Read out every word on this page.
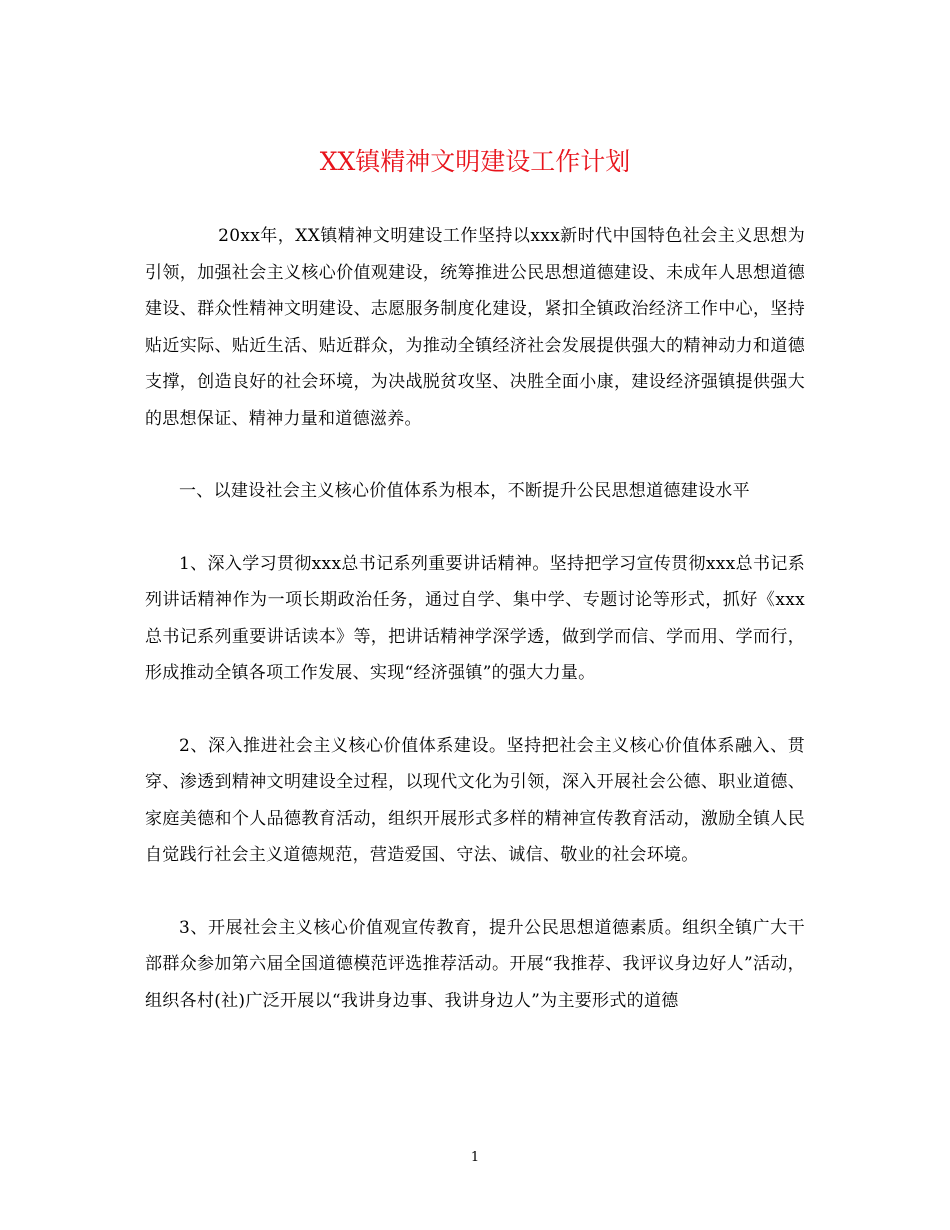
XX镇精神文明建设工作计划

20xx年，XX镇精神文明建设工作坚持以xxx新时代中国特色社会主义思想为引领，加强社会主义核心价值观建设，统筹推进公民思想道德建设、未成年人思想道德建设、群众性精神文明建设、志愿服务制度化建设，紧扣全镇政治经济工作中心，坚持贴近实际、贴近生活、贴近群众，为推动全镇经济社会发展提供强大的精神动力和道德支撑，创造良好的社会环境，为决战脱贫攻坚、决胜全面小康，建设经济强镇提供强大的思想保证、精神力量和道德滋养。

一、以建设社会主义核心价值体系为根本，不断提升公民思想道德建设水平

1、深入学习贯彻xxx总书记系列重要讲话精神。坚持把学习宣传贯彻xxx总书记系列讲话精神作为一项长期政治任务，通过自学、集中学、专题讨论等形式，抓好《xxx总书记系列重要讲话读本》等，把讲话精神学深学透，做到学而信、学而用、学而行，形成推动全镇各项工作发展、实现“经济强镇”的强大力量。

2、深入推进社会主义核心价值体系建设。坚持把社会主义核心价值体系融入、贯穿、渗透到精神文明建设全过程，以现代文化为引领，深入开展社会公德、职业道德、家庭美德和个人品德教育活动，组织开展形式多样的精神宣传教育活动，激励全镇人民自觉践行社会主义道德规范，营造爱国、守法、诚信、敬业的社会环境。

3、开展社会主义核心价值观宣传教育，提升公民思想道德素质。组织全镇广大干部群众参加第六届全国道德模范评选推荐活动。开展“我推荐、我评议身边好人”活动，组织各村(社)广泛开展以“我讲身边事、我讲身边人”为主要形式的道德

1
